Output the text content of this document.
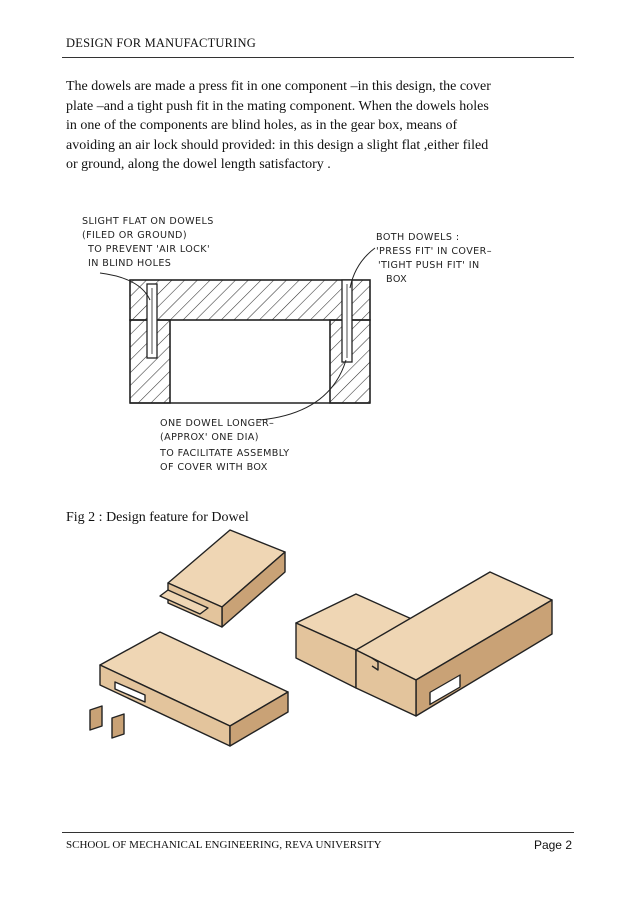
DESIGN FOR MANUFACTURING
The dowels are made a press fit in one component –in this design, the cover
plate –and a tight push fit in the mating component. When the dowels holes
in one of the components are blind holes, as in the gear box, means of
avoiding an air lock should provided: in this design a slight flat ,either filed
or ground, along the dowel length satisfactory .
SLIGHT FLAT ON DOWELS
(FILED OR GROUND)
TO PREVENT 'AIR LOCK'
IN BLIND HOLES
BOTH DOWELS :
'PRESS FIT' IN COVER–
'TIGHT PUSH FIT' IN
BOX
ONE DOWEL LONGER–
(APPROX' ONE DIA)
TO FACILITATE ASSEMBLY
OF COVER WITH BOX
Fig 2 : Design feature for Dowel
SCHOOL OF MECHANICAL ENGINEERING, REVA UNIVERSITY	Page 2
